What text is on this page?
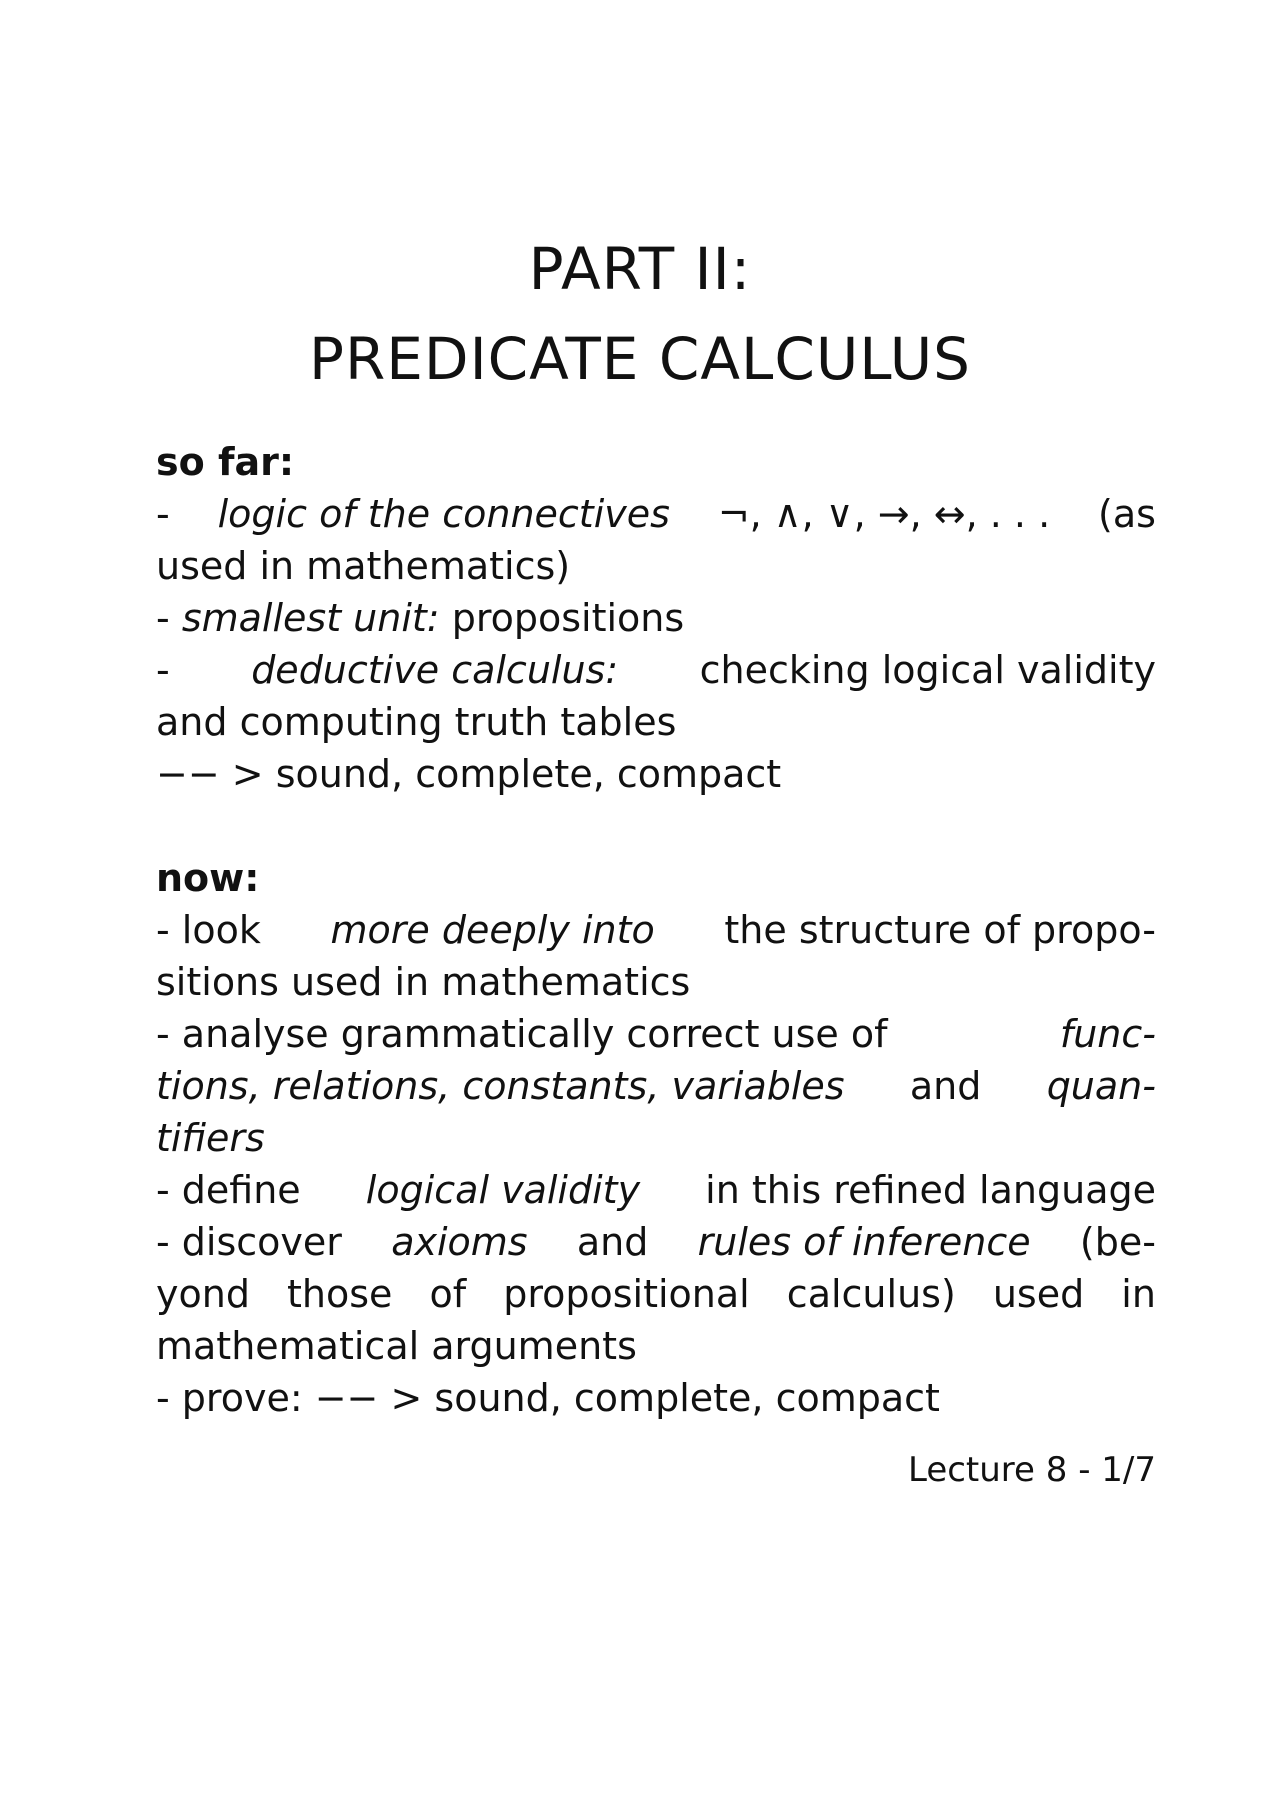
PART II:
PREDICATE CALCULUS
so far:
- logic of the connectives ¬, ∧, ∨, →, ↔, . . . (as
used in mathematics)
- smallest unit: propositions
- deductive calculus: checking logical validity
and computing truth tables
−− > sound, complete, compact
now:
- look more deeply into the structure of propo-
sitions used in mathematics
- analyse grammatically correct use of	func-
tions, relations, constants, variables and quan-
tifiers
- define logical validity in this refined language
- discover axioms and rules of inference (be-
yond those of propositional calculus) used in
mathematical arguments
- prove: −− > sound, complete, compact
Lecture 8 - 1/7
